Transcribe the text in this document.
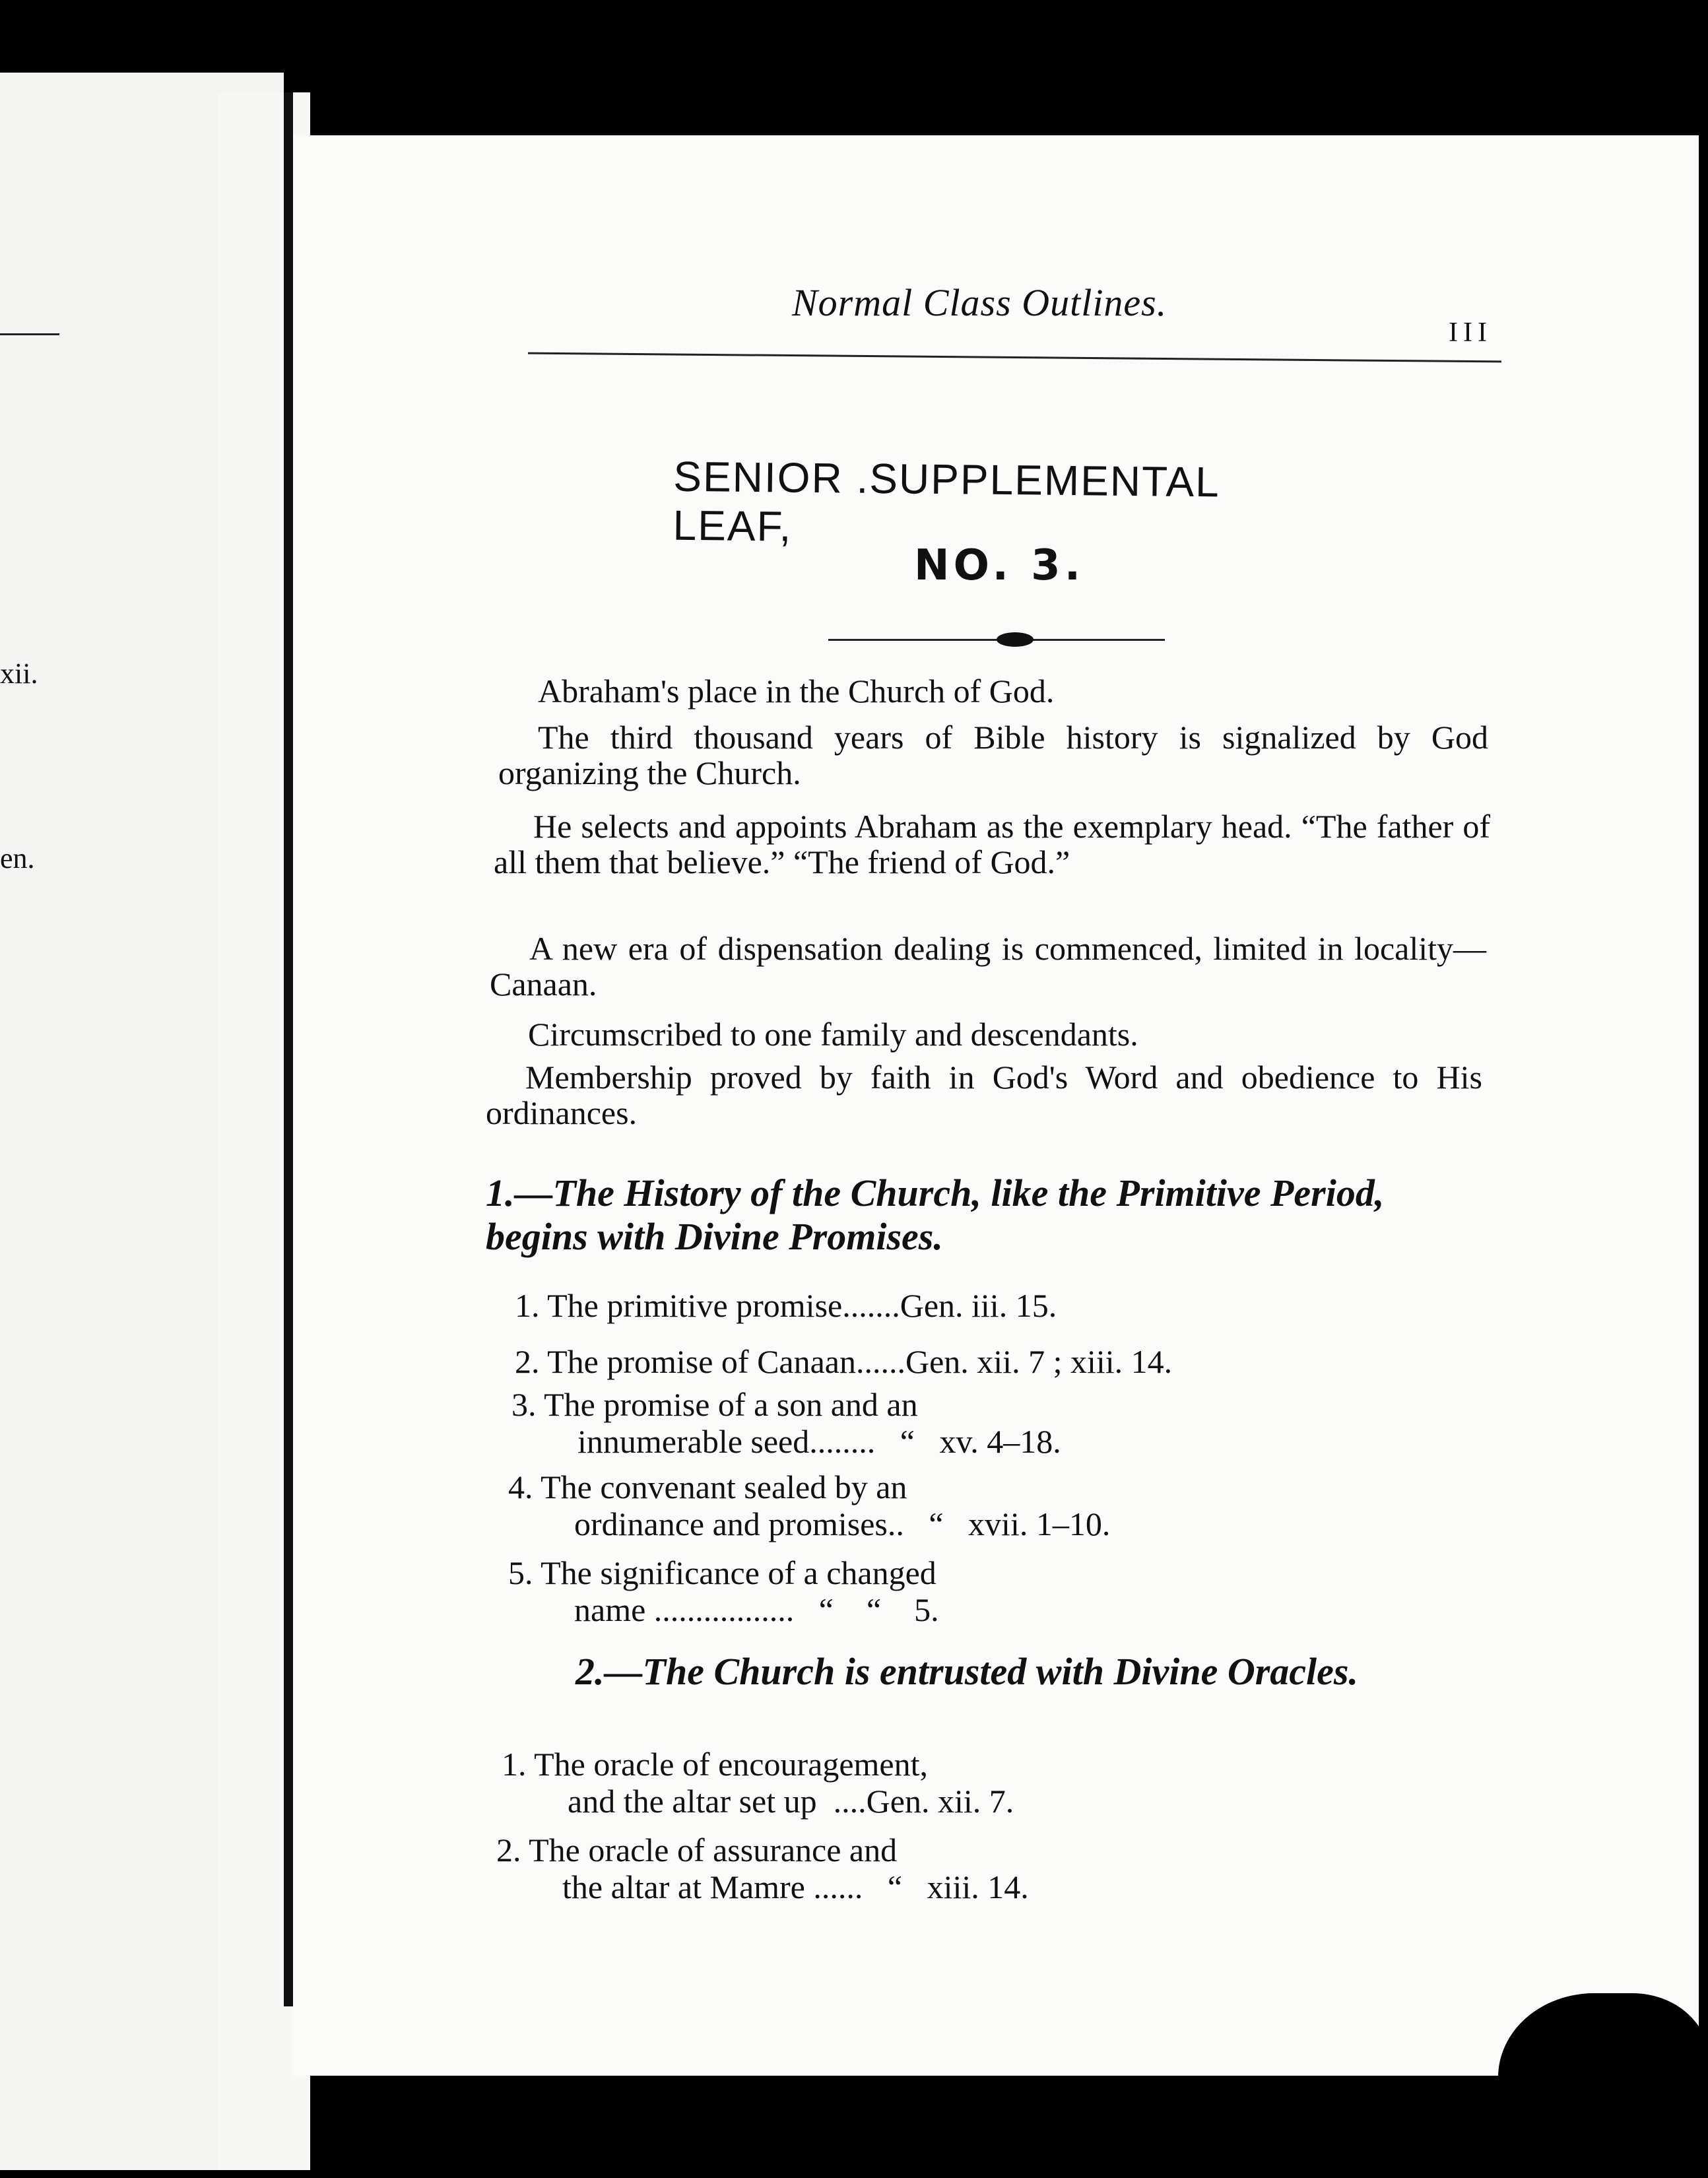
xii.
en.
Normal Class Outlines.
III
SENIOR .SUPPLEMENTAL LEAF,
NO. 3.
Abraham's place in the Church of God.
The third thousand years of Bible history is signalized by God organizing the Church.
He selects and appoints Abraham as the exemplary head. “The father of all them that believe.” “The friend of God.”
A new era of dispensation dealing is commenced, limited in locality—Canaan.
Circumscribed to one family and descendants.
Membership proved by faith in God's Word and obedience to His ordinances.
1.—The History of the Church, like the Primitive Period, begins with Divine Promises.
1. The primitive promise.......Gen. iii. 15.
2. The promise of Canaan......Gen. xii. 7 ; xiii. 14.
3. The promise of a son and an
innumerable seed........   “   xv. 4–18.
4. The convenant sealed by an
ordinance and promises..   “   xvii. 1–10.
5. The significance of a changed
name .................   “    “    5.
2.—The Church is entrusted with Divine Oracles.
1. The oracle of encouragement,
and the altar set up  ....Gen. xii. 7.
2. The oracle of assurance and
the altar at Mamre ......   “   xiii. 14.
